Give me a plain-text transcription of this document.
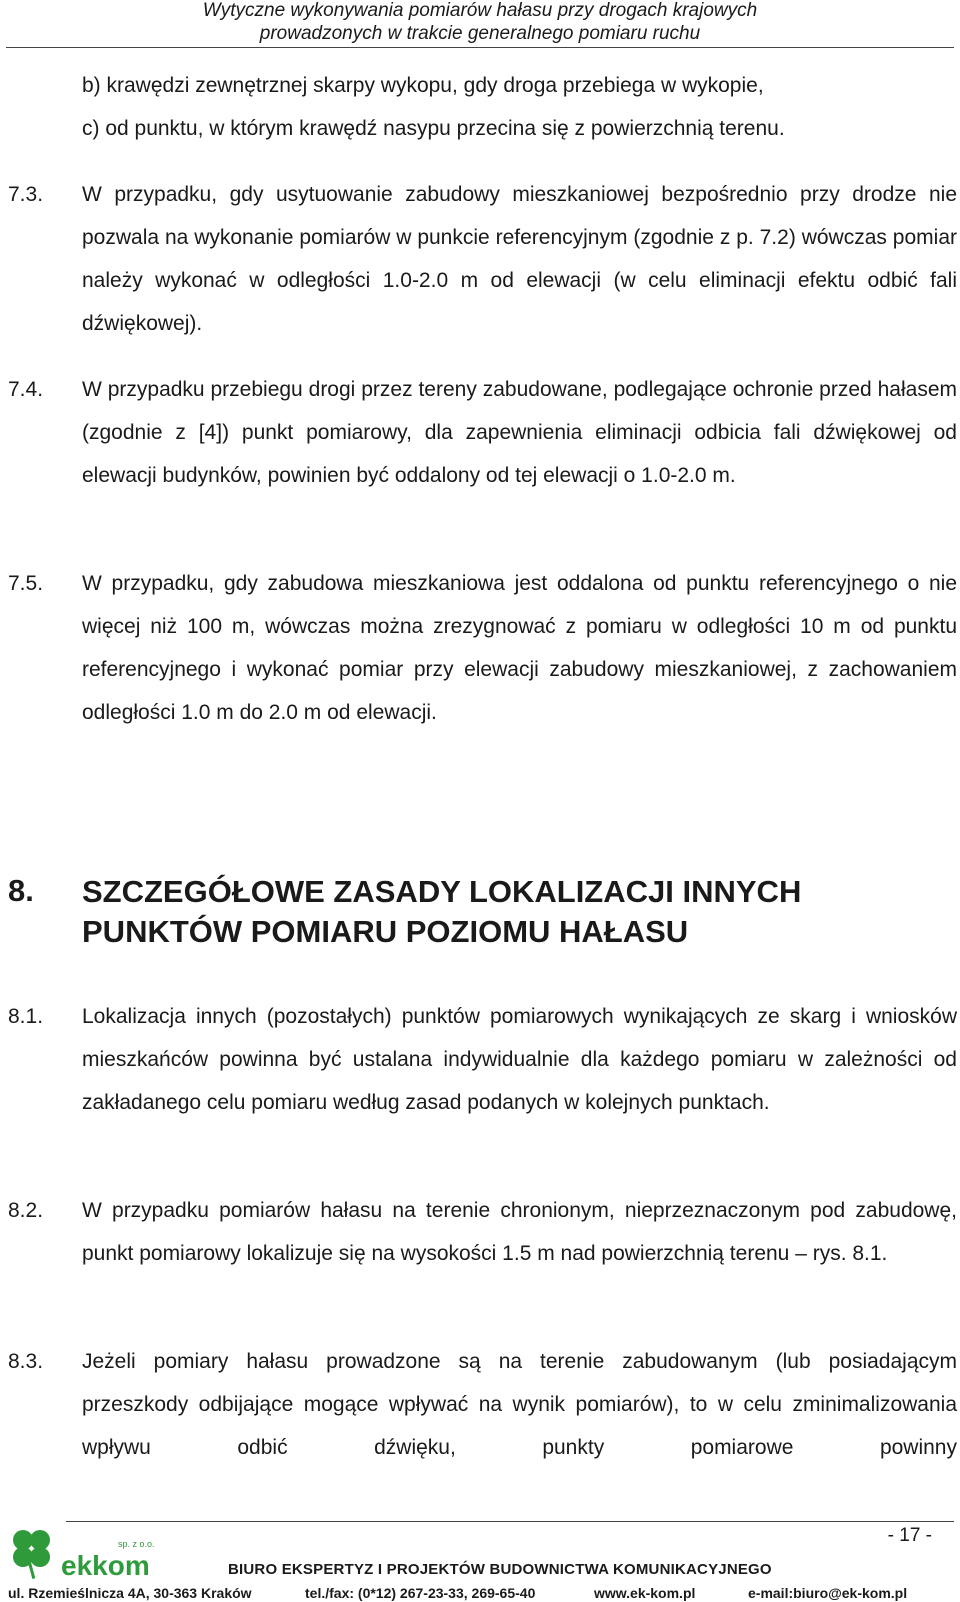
Wytyczne wykonywania pomiarów hałasu przy drogach krajowych
prowadzonych w trakcie generalnego pomiaru ruchu
b) krawędzi zewnętrznej skarpy wykopu, gdy droga przebiega w wykopie,
c) od punktu, w którym krawędź nasypu przecina się z powierzchnią terenu.
7.3. W przypadku, gdy usytuowanie zabudowy mieszkaniowej bezpośrednio przy drodze nie pozwala na wykonanie pomiarów w punkcie referencyjnym (zgodnie z p. 7.2) wówczas pomiar należy wykonać w odległości 1.0-2.0 m od elewacji (w celu eliminacji efektu odbić fali dźwiękowej).
7.4. W przypadku przebiegu drogi przez tereny zabudowane, podlegające ochronie przed hałasem (zgodnie z [4]) punkt pomiarowy, dla zapewnienia eliminacji odbicia fali dźwiękowej od elewacji budynków, powinien być oddalony od tej elewacji o 1.0-2.0 m.
7.5. W przypadku, gdy zabudowa mieszkaniowa jest oddalona od punktu referencyjnego o nie więcej niż 100 m, wówczas można zrezygnować z pomiaru w odległości 10 m od punktu referencyjnego i wykonać pomiar przy elewacji zabudowy mieszkaniowej, z zachowaniem odległości 1.0 m do 2.0 m od elewacji.
8. SZCZEGÓŁOWE ZASADY LOKALIZACJI INNYCH PUNKTÓW POMIARU POZIOMU HAŁASU
8.1. Lokalizacja innych (pozostałych) punktów pomiarowych wynikających ze skarg i wniosków mieszkańców powinna być ustalana indywidualnie dla każdego pomiaru w zależności od zakładanego celu pomiaru według zasad podanych w kolejnych punktach.
8.2. W przypadku pomiarów hałasu na terenie chronionym, nieprzeznaczonym pod zabudowę, punkt pomiarowy lokalizuje się na wysokości 1.5 m nad powierzchnią terenu – rys. 8.1.
8.3. Jeżeli pomiary hałasu prowadzone są na terenie zabudowanym (lub posiadającym przeszkody odbijające mogące wpływać na wynik pomiarów), to w celu zminimalizowania wpływu odbić dźwięku, punkty pomiarowe powinny
- 17 -
ekkom
sp. z o.o.
BIURO EKSPERTYZ I PROJEKTÓW BUDOWNICTWA KOMUNIKACYJNEGO
ul. Rzemieślnicza 4A, 30-363 Kraków	tel./fax: (0*12) 267-23-33, 269-65-40	www.ek-kom.pl	e-mail:biuro@ek-kom.pl
